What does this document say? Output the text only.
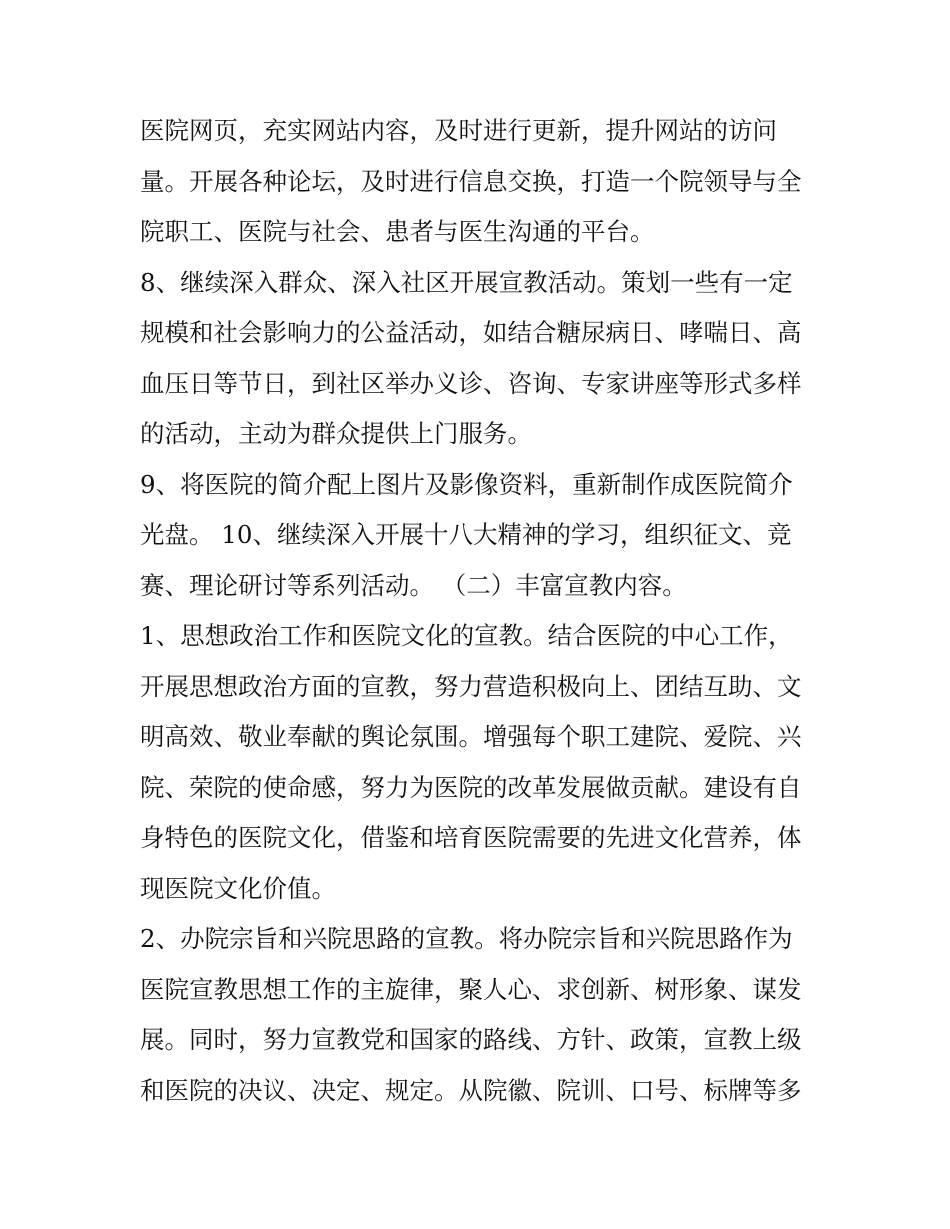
医院网页，充实网站内容，及时进行更新，提升网站的访问
量。开展各种论坛，及时进行信息交换，打造一个院领导与全
院职工、医院与社会、患者与医生沟通的平台。
8、继续深入群众、深入社区开展宣教活动。策划一些有一定
规模和社会影响力的公益活动，如结合糖尿病日、哮喘日、高
血压日等节日，到社区举办义诊、咨询、专家讲座等形式多样
的活动，主动为群众提供上门服务。
9、将医院的简介配上图片及影像资料，重新制作成医院简介
光盘。 10、继续深入开展十八大精神的学习，组织征文、竞
赛、理论研讨等系列活动。 （二）丰富宣教内容。
1、思想政治工作和医院文化的宣教。结合医院的中心工作，
开展思想政治方面的宣教，努力营造积极向上、团结互助、文
明高效、敬业奉献的舆论氛围。增强每个职工建院、爱院、兴
院、荣院的使命感，努力为医院的改革发展做贡献。建设有自
身特色的医院文化，借鉴和培育医院需要的先进文化营养，体
现医院文化价值。
2、办院宗旨和兴院思路的宣教。将办院宗旨和兴院思路作为
医院宣教思想工作的主旋律，聚人心、求创新、树形象、谋发
展。同时，努力宣教党和国家的路线、方针、政策，宣教上级
和医院的决议、决定、规定。从院徽、院训、口号、标牌等多
